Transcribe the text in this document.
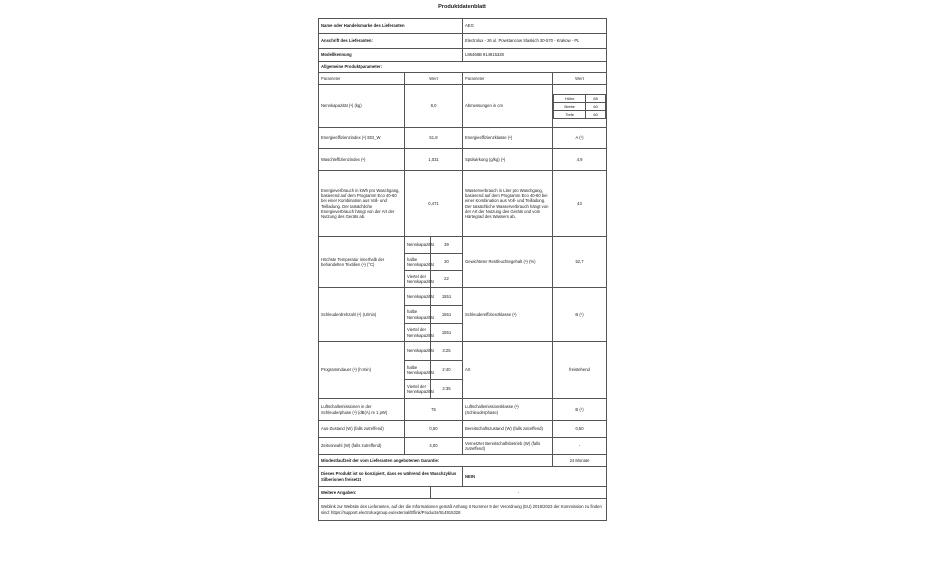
Produktdatenblatt
Name oder Handelsmarke des Lieferanten	AEG
Anschrift des Lieferanten:	Electrolux - 26 ul. Powstancow Slaskich 30-570 - Krakow - PL
Modellkennung	L86468B 914915328
Allgemeine Produktparameter:	
Parameter	Wert	Parameter	Wert
Nennkapazität (ᵃ) (kg)	8,0	Abmessungen in cm	
Höhe	85
Breite	60
Tiefe	60

Energieeffizienzindex (ᵃ) EEI_W	51,8	Energieeffizienzklasse (ᵃ)	A (ᶜ)
Waschleffizienzindex (ᵃ)	1,031	Spülwirkung (g/kg) (ᵃ)	4,9
Energieverbrauch in kWh pro Waschgang, basierend auf dem Programm Eco 40-60 bei einer Kombination aus Voll- und Teilladung. Der tatsächliche Energieverbrauch hängt von der Art der Nutzung des Geräts ab.	0,471	Wasserverbrauch in Liter pro Waschgang, basierend auf dem Programm Eco 40-60 bei einer Kombination aus Voll- und Teilladung. Der tatsächliche Wasserverbrauch hängt von der Art der Nutzung des Geräts und vom Härtegrad des Wassers ab.	43
Höchste Temperatur innerhalb der behandelten Textilien (ᵃ) (°C)	Nennkapazität	39	Gewichteter Restfeuchtegehalt (ᵃ) (%)	52,7
halbe Nennkapazität	30
Viertel der Nennkapazität	22
Schleuderdrehzahl (ᵃ) (U/min)	Nennkapazität	1551	Schleudereffizienzklasse (ᵃ)	B (ᶜ)
halbe Nennkapazität	1551
Viertel der Nennkapazität	1551
Programmdauer (ᵃ) (h:min)	Nennkapazität	3:25	Art	freistehend
halbe Nennkapazität	2:40
Viertel der Nennkapazität	2:35
Luftschallemissionen in der Schleuderphase (ᵃ) (dB(A) re 1 pW)	75	Luftschallemissionsklasse (ᵃ) (Schleuderphase)	B (ᶜ)
Aus-Zustand (W) (falls zutreffend)	0,50	Bereitschaftszustand (W) (falls zutreffend)	0,50
Zeitvorwahl (W) (falls zutreffend)	4,00	Vernetzter Bereitschaftsbetrieb (W) (falls zutreffend)	-
Mindestlaufzeit der vom Lieferanten angebotenen Garantie:	24 Monate
Dieses Produkt ist so konzipiert, dass es während des Waschzyklus Silberionen freisetzt	NEIN
Weitere Angaben:	-
Weblink zur Website des Lieferanten, auf der die Informationen gemäß Anhang II Nummer 9 der Verordnung (EU) 2019/2023 der Kommission zu finden sind: https://support.electroluxgroup.eu/external/Eflink/Products/914915328
